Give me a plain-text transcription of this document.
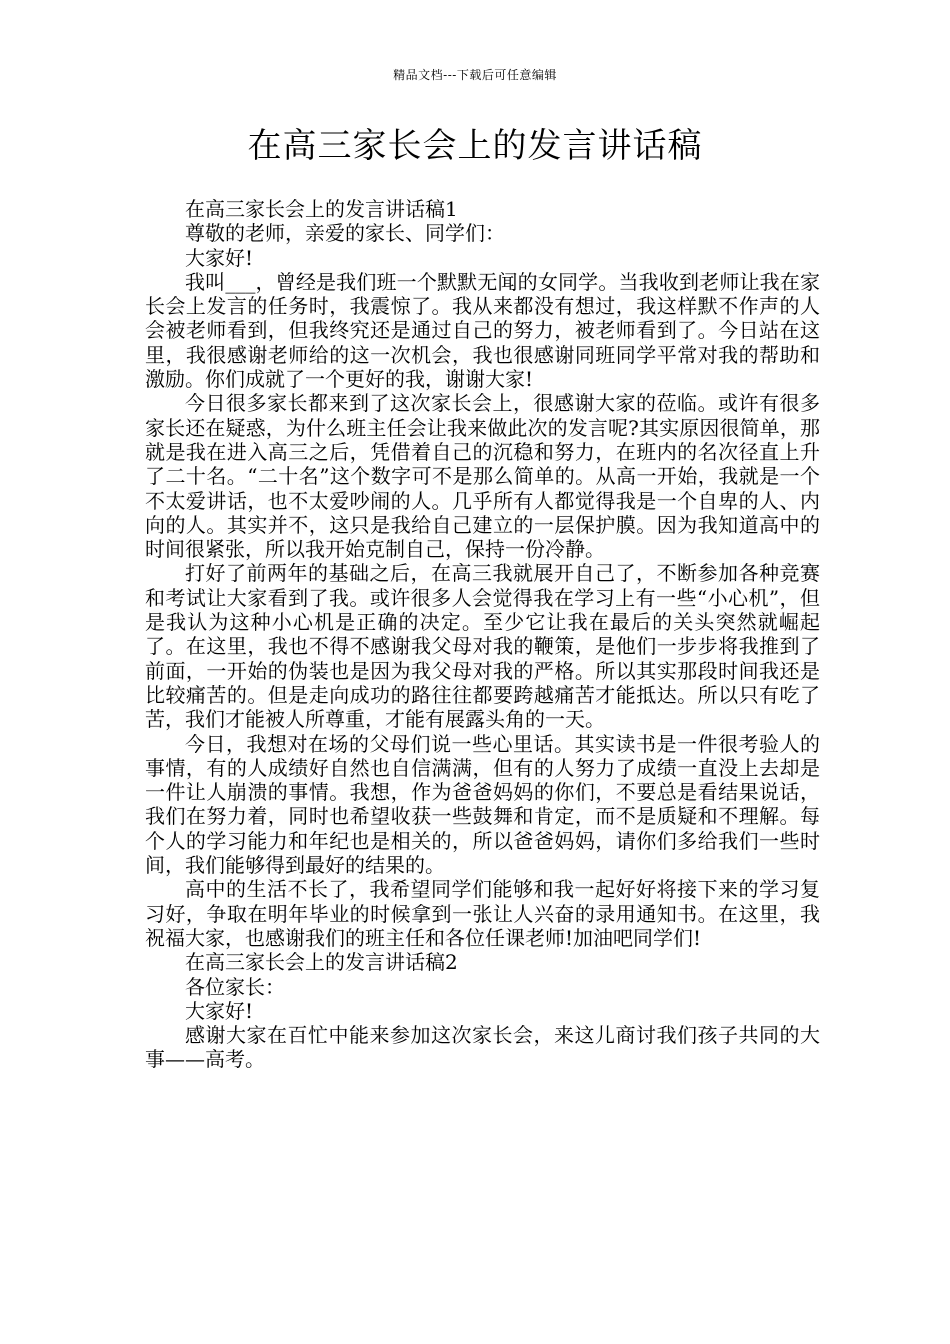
精品文档---下载后可任意编辑
在高三家长会上的发言讲话稿

在高三家长会上的发言讲话稿1

尊敬的老师，亲爱的家长、同学们：

大家好!

我叫___，曾经是我们班一个默默无闻的女同学。当我收到老师让我在家长会上发言的任务时，我震惊了。我从来都没有想过，我这样默不作声的人会被老师看到，但我终究还是通过自己的努力，被老师看到了。今日站在这里，我很感谢老师给的这一次机会，我也很感谢同班同学平常对我的帮助和激励。你们成就了一个更好的我，谢谢大家!

今日很多家长都来到了这次家长会上，很感谢大家的莅临。或许有很多家长还在疑惑，为什么班主任会让我来做此次的发言呢?其实原因很简单，那就是我在进入高三之后，凭借着自己的沉稳和努力，在班内的名次径直上升了二十名。“二十名”这个数字可不是那么简单的。从高一开始，我就是一个不太爱讲话，也不太爱吵闹的人。几乎所有人都觉得我是一个自卑的人、内向的人。其实并不，这只是我给自己建立的一层保护膜。因为我知道高中的时间很紧张，所以我开始克制自己，保持一份冷静。

打好了前两年的基础之后，在高三我就展开自己了，不断参加各种竞赛和考试让大家看到了我。或许很多人会觉得我在学习上有一些“小心机”，但是我认为这种小心机是正确的决定。至少它让我在最后的关头突然就崛起了。在这里，我也不得不感谢我父母对我的鞭策，是他们一步步将我推到了前面，一开始的伪装也是因为我父母对我的严格。所以其实那段时间我还是比较痛苦的。但是走向成功的路往往都要跨越痛苦才能抵达。所以只有吃了苦，我们才能被人所尊重，才能有展露头角的一天。

今日，我想对在场的父母们说一些心里话。其实读书是一件很考验人的事情，有的人成绩好自然也自信满满，但有的人努力了成绩一直没上去却是一件让人崩溃的事情。我想，作为爸爸妈妈的你们，不要总是看结果说话，我们在努力着，同时也希望收获一些鼓舞和肯定，而不是质疑和不理解。每个人的学习能力和年纪也是相关的，所以爸爸妈妈，请你们多给我们一些时间，我们能够得到最好的结果的。

高中的生活不长了，我希望同学们能够和我一起好好将接下来的学习复习好，争取在明年毕业的时候拿到一张让人兴奋的录用通知书。在这里，我祝福大家，也感谢我们的班主任和各位任课老师!加油吧同学们!

在高三家长会上的发言讲话稿2

各位家长：

大家好!

感谢大家在百忙中能来参加这次家长会，来这儿商讨我们孩子共同的大事——高考。
